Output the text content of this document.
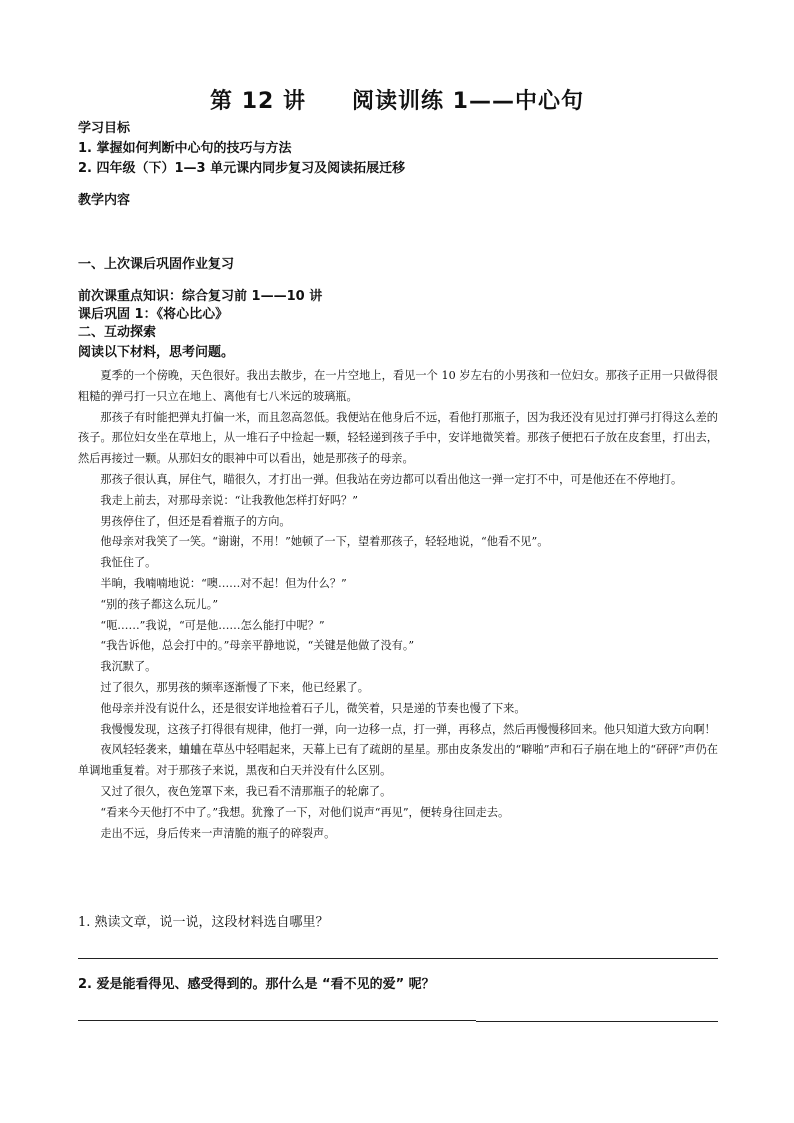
第 12 讲　　阅读训练 1——中心句
学习目标
1. 掌握如何判断中心句的技巧与方法
2. 四年级（下）1—3 单元课内同步复习及阅读拓展迁移
教学内容
一、上次课后巩固作业复习
前次课重点知识：综合复习前 1——10 讲
课后巩固 1：《将心比心》
二、互动探索
阅读以下材料，思考问题。

夏季的一个傍晚，天色很好。我出去散步，在一片空地上，看见一个 10 岁左右的小男孩和一位妇女。那孩子正用一只做得很粗糙的弹弓打一只立在地上、离他有七八米远的玻璃瓶。

那孩子有时能把弹丸打偏一米，而且忽高忽低。我便站在他身后不远，看他打那瓶子，因为我还没有见过打弹弓打得这么差的孩子。那位妇女坐在草地上，从一堆石子中捡起一颗，轻轻递到孩子手中，安详地微笑着。那孩子便把石子放在皮套里，打出去，然后再接过一颗。从那妇女的眼神中可以看出，她是那孩子的母亲。

那孩子很认真，屏住气，瞄很久，才打出一弹。但我站在旁边都可以看出他这一弹一定打不中，可是他还在不停地打。

我走上前去，对那母亲说：“让我教他怎样打好吗？”

男孩停住了，但还是看着瓶子的方向。

他母亲对我笑了一笑。“谢谢，不用！”她顿了一下，望着那孩子，轻轻地说，“他看不见”。

我怔住了。

半晌，我喃喃地说：“噢……对不起！但为什么？”

“别的孩子都这么玩儿。”

“呃……”我说，“可是他……怎么能打中呢？”

“我告诉他，总会打中的。”母亲平静地说，“关键是他做了没有。”

我沉默了。

过了很久，那男孩的频率逐渐慢了下来，他已经累了。

他母亲并没有说什么，还是很安详地捡着石子儿，微笑着，只是递的节奏也慢了下来。

我慢慢发现，这孩子打得很有规律，他打一弹，向一边移一点，打一弹，再移点，然后再慢慢移回来。他只知道大致方向啊！

夜风轻轻袭来，蛐蛐在草丛中轻唱起来，天幕上已有了疏朗的星星。那由皮条发出的“噼啪”声和石子崩在地上的“砰砰”声仍在单调地重复着。对于那孩子来说，黑夜和白天并没有什么区别。

又过了很久，夜色笼罩下来，我已看不清那瓶子的轮廓了。

“看来今天他打不中了。”我想。犹豫了一下，对他们说声“再见”，便转身往回走去。

走出不远，身后传来一声清脆的瓶子的碎裂声。

1. 熟读文章，说一说，这段材料选自哪里？
2. 爱是能看得见、感受得到的。那什么是 “看不见的爱” 呢？
